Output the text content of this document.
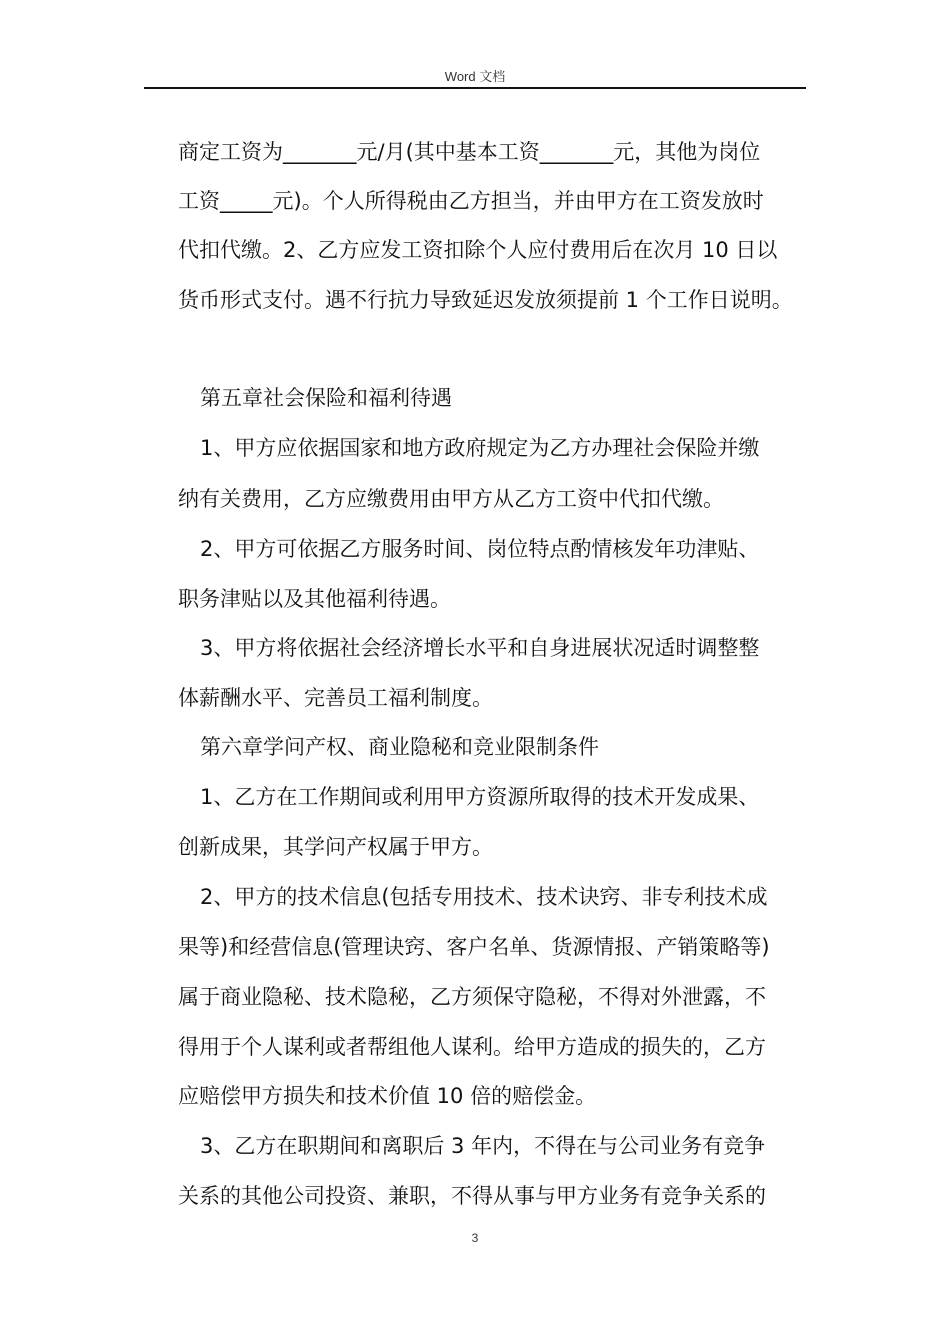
Word 文档
商定工资为_______元/月(其中基本工资_______元，其他为岗位
工资_____元)。个人所得税由乙方担当，并由甲方在工资发放时
代扣代缴。2、乙方应发工资扣除个人应付费用后在次月 10 日以
货币形式支付。遇不行抗力导致延迟发放须提前 1 个工作日说明。
第五章社会保险和福利待遇
1、甲方应依据国家和地方政府规定为乙方办理社会保险并缴
纳有关费用，乙方应缴费用由甲方从乙方工资中代扣代缴。
2、甲方可依据乙方服务时间、岗位特点酌情核发年功津贴、
职务津贴以及其他福利待遇。
3、甲方将依据社会经济增长水平和自身进展状况适时调整整
体薪酬水平、完善员工福利制度。
第六章学问产权、商业隐秘和竞业限制条件
1、乙方在工作期间或利用甲方资源所取得的技术开发成果、
创新成果，其学问产权属于甲方。
2、甲方的技术信息(包括专用技术、技术诀窍、非专利技术成
果等)和经营信息(管理诀窍、客户名单、货源情报、产销策略等)
属于商业隐秘、技术隐秘，乙方须保守隐秘，不得对外泄露，不
得用于个人谋利或者帮组他人谋利。给甲方造成的损失的，乙方
应赔偿甲方损失和技术价值 10 倍的赔偿金。
3、乙方在职期间和离职后 3 年内，不得在与公司业务有竞争
关系的其他公司投资、兼职，不得从事与甲方业务有竞争关系的
3
